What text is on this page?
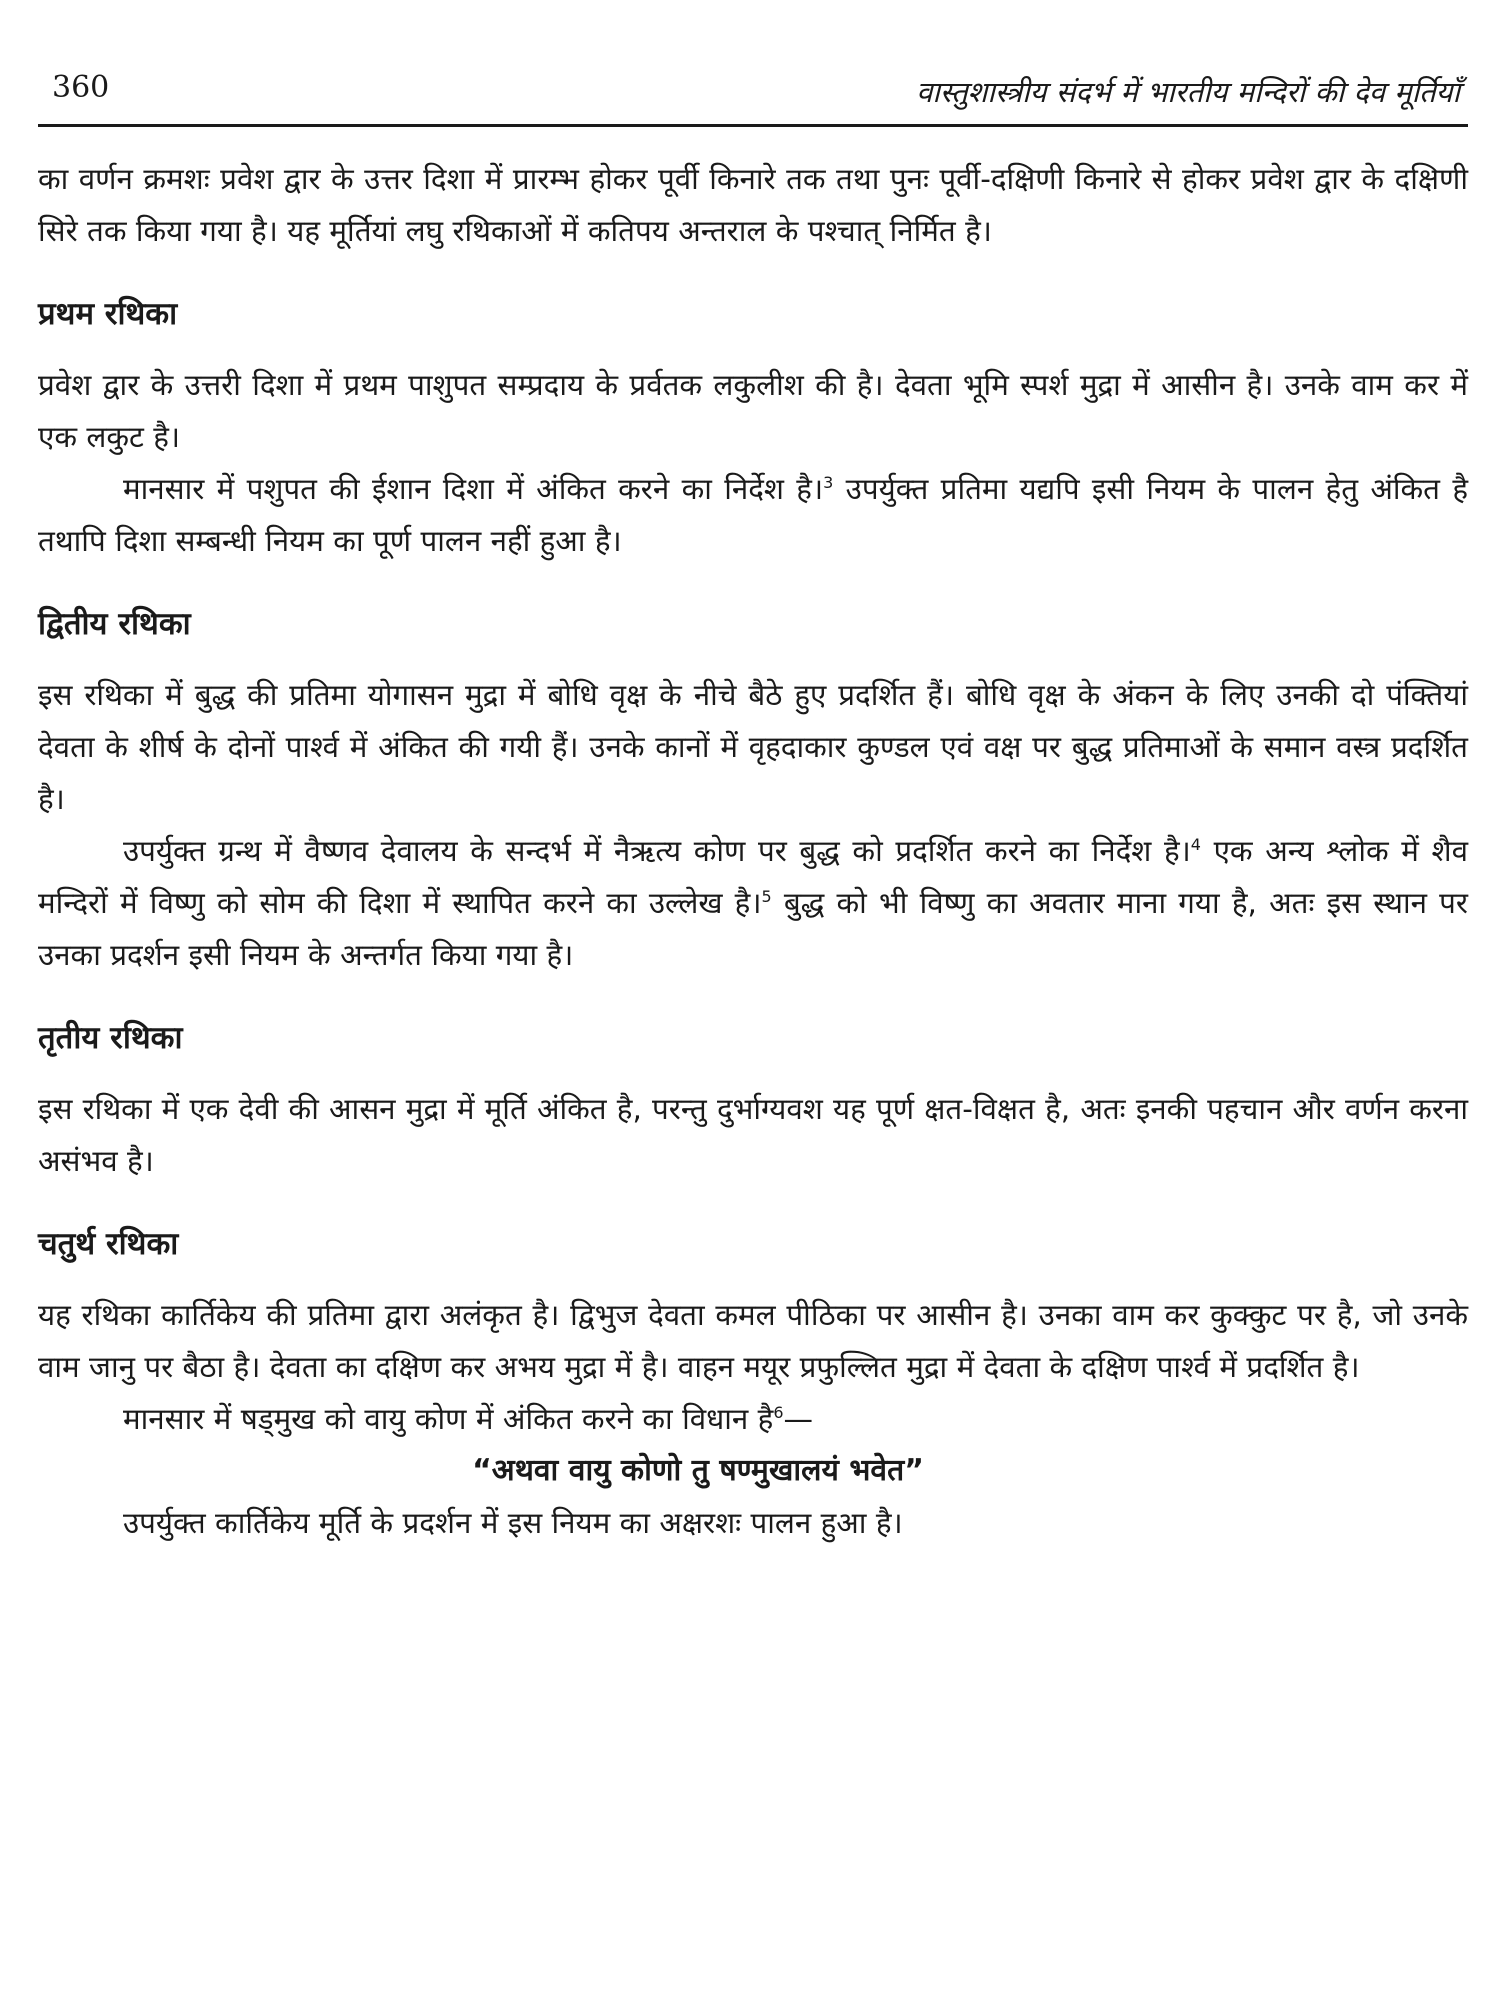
360	वास्तुशास्त्रीय संदर्भ में भारतीय मन्दिरों की देव मूर्तियाँ

का वर्णन क्रमशः प्रवेश द्वार के उत्तर दिशा में प्रारम्भ होकर पूर्वी किनारे तक तथा पुनः पूर्वी-दक्षिणी किनारे से होकर प्रवेश द्वार के दक्षिणी सिरे तक किया गया है। यह मूर्तियां लघु रथिकाओं में कतिपय अन्तराल के पश्चात् निर्मित है।

प्रथम रथिका

प्रवेश द्वार के उत्तरी दिशा में प्रथम पाशुपत सम्प्रदाय के प्रर्वतक लकुलीश की है। देवता भूमि स्पर्श मुद्रा में आसीन है। उनके वाम कर में एक लकुट है।

मानसार में पशुपत की ईशान दिशा में अंकित करने का निर्देश है।$^3$ उपर्युक्त प्रतिमा यद्यपि इसी नियम के पालन हेतु अंकित है तथापि दिशा सम्बन्धी नियम का पूर्ण पालन नहीं हुआ है।

द्वितीय रथिका

इस रथिका में बुद्ध की प्रतिमा योगासन मुद्रा में बोधि वृक्ष के नीचे बैठे हुए प्रदर्शित हैं। बोधि वृक्ष के अंकन के लिए उनकी दो पंक्तियां देवता के शीर्ष के दोनों पार्श्व में अंकित की गयी हैं। उनके कानों में वृहदाकार कुण्डल एवं वक्ष पर बुद्ध प्रतिमाओं के समान वस्त्र प्रदर्शित है।

उपर्युक्त ग्रन्थ में वैष्णव देवालय के सन्दर्भ में नैऋत्य कोण पर बुद्ध को प्रदर्शित करने का निर्देश है।$^4$ एक अन्य श्लोक में शैव मन्दिरों में विष्णु को सोम की दिशा में स्थापित करने का उल्लेख है।$^5$ बुद्ध को भी विष्णु का अवतार माना गया है, अतः इस स्थान पर उनका प्रदर्शन इसी नियम के अन्तर्गत किया गया है।

तृतीय रथिका

इस रथिका में एक देवी की आसन मुद्रा में मूर्ति अंकित है, परन्तु दुर्भाग्यवश यह पूर्ण क्षत-विक्षत है, अतः इनकी पहचान और वर्णन करना असंभव है।

चतुर्थ रथिका

यह रथिका कार्तिकेय की प्रतिमा द्वारा अलंकृत है। द्विभुज देवता कमल पीठिका पर आसीन है। उनका वाम कर कुक्कुट पर है, जो उनके वाम जानु पर बैठा है। देवता का दक्षिण कर अभय मुद्रा में है। वाहन मयूर प्रफुल्लित मुद्रा में देवता के दक्षिण पार्श्व में प्रदर्शित है।

मानसार में षड्मुख को वायु कोण में अंकित करने का विधान है$^6$—

“अथवा वायु कोणो तु षण्मुखालयं भवेत”

उपर्युक्त कार्तिकेय मूर्ति के प्रदर्शन में इस नियम का अक्षरशः पालन हुआ है।
